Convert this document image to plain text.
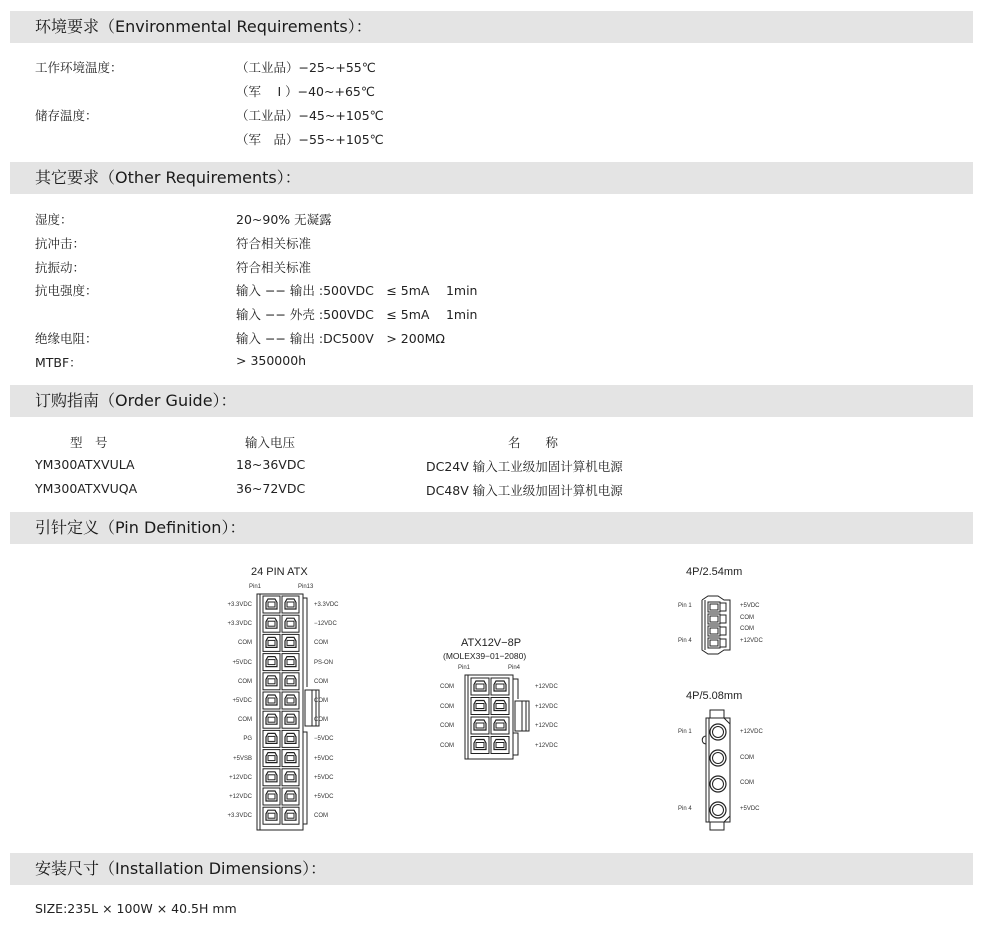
环境要求（Environmental Requirements）：
工作环境温度：	（工业品）−25~+55℃
（军　 I ）−40~+65℃
储存温度：	（工业品）−45~+105℃
（军　品）−55~+105℃
其它要求（Other Requirements）：
湿度：	20~90% 无凝露
抗冲击：	符合相关标准
抗振动：	符合相关标准
抗电强度：	输入 −− 输出 :500VDC　≤ 5mA　 1min
输入 −− 外壳 :500VDC　≤ 5mA　 1min
绝缘电阻：	输入 −− 输出 :DC500V　> 200MΩ
MTBF：	> 350000h
订购指南（Order Guide）：
型　号	输入电压	名　　称
YM300ATXVULA	18~36VDC	DC24V 输入工业级加固计算机电源
YM300ATXVUQA	36~72VDC	DC48V 输入工业级加固计算机电源
引针定义（Pin Definition）：
24 PIN ATX
Pin1	Pin13
+3.3VDC
+3.3VDC
COM
+5VDC
COM
+5VDC
COM
PG
+5VSB
+12VDC
+12VDC
+3.3VDC
+3.3VDC
−12VDC
COM
PS-ON
COM
COM
COM
−5VDC
+5VDC
+5VDC
+5VDC
COM
ATX12V−8P
(MOLEX39−01−2080)
Pin1	Pin4
COM
COM
COM
COM
+12VDC
+12VDC
+12VDC
+12VDC
4P/2.54mm
Pin 1
Pin 4
+5VDC
COM
COM
+12VDC
4P/5.08mm
Pin 1
Pin 4
+12VDC
COM
COM
+5VDC
安装尺寸（Installation Dimensions）：
SIZE:235L × 100W × 40.5H mm
